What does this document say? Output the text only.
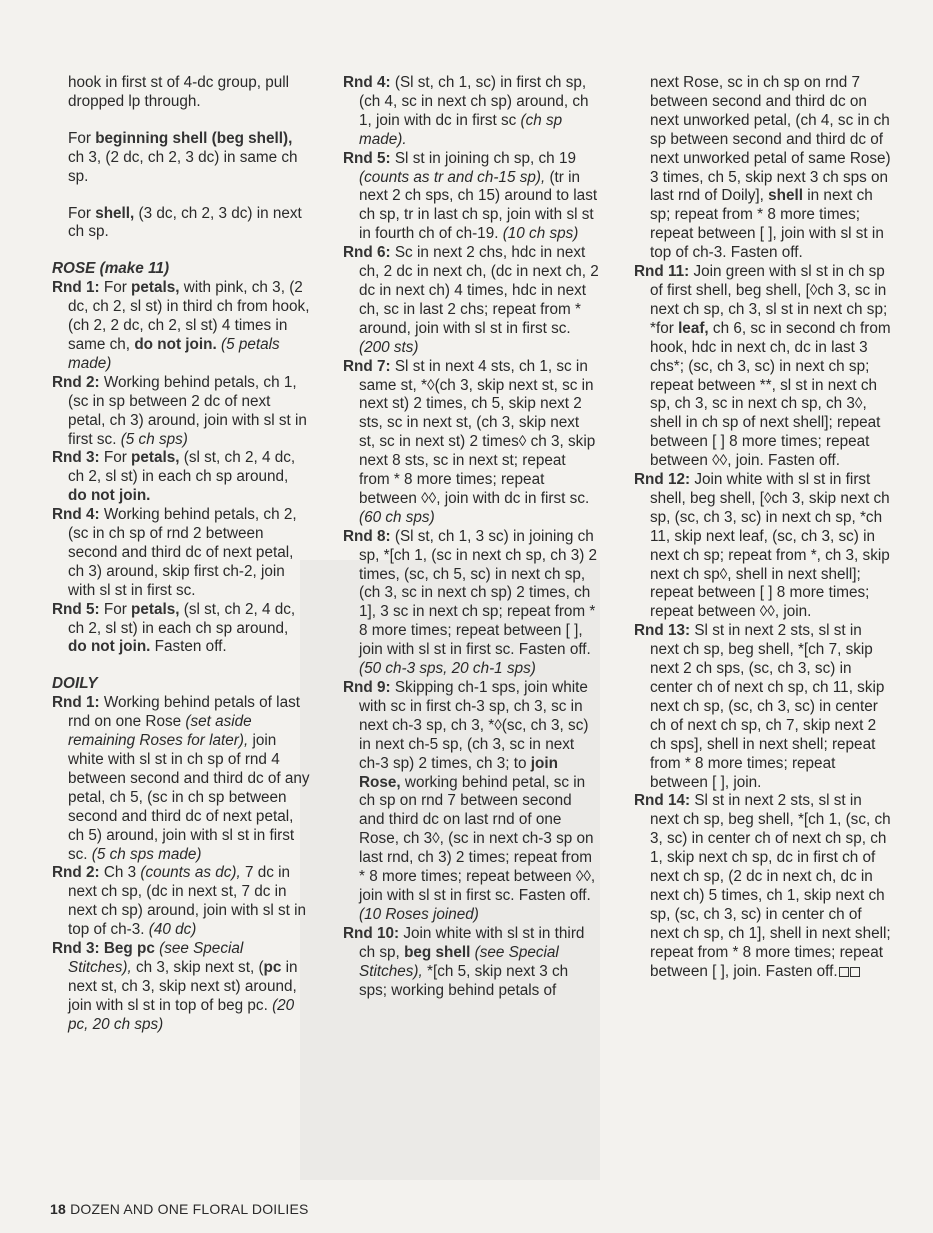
hook in first st of 4-dc group, pull dropped lp through.

For beginning shell (beg shell), ch 3, (2 dc, ch 2, 3 dc) in same ch sp.

For shell, (3 dc, ch 2, 3 dc) in next ch sp.

ROSE (make 11)

Rnd 1: For petals, with pink, ch 3, (2 dc, ch 2, sl st) in third ch from hook, (ch 2, 2 dc, ch 2, sl st) 4 times in same ch, do not join. (5 petals made)

Rnd 2: Working behind petals, ch 1, (sc in sp between 2 dc of next petal, ch 3) around, join with sl st in first sc. (5 ch sps)

Rnd 3: For petals, (sl st, ch 2, 4 dc, ch 2, sl st) in each ch sp around, do not join.

Rnd 4: Working behind petals, ch 2, (sc in ch sp of rnd 2 between second and third dc of next petal, ch 3) around, skip first ch-2, join with sl st in first sc.

Rnd 5: For petals, (sl st, ch 2, 4 dc, ch 2, sl st) in each ch sp around, do not join. Fasten off.

DOILY

Rnd 1: Working behind petals of last rnd on one Rose (set aside remaining Roses for later), join white with sl st in ch sp of rnd 4 between second and third dc of any petal, ch 5, (sc in ch sp between second and third dc of next petal, ch 5) around, join with sl st in first sc. (5 ch sps made)

Rnd 2: Ch 3 (counts as dc), 7 dc in next ch sp, (dc in next st, 7 dc in next ch sp) around, join with sl st in top of ch-3. (40 dc)

Rnd 3: Beg pc (see Special Stitches), ch 3, skip next st, (pc in next st, ch 3, skip next st) around, join with sl st in top of beg pc. (20 pc, 20 ch sps)

Rnd 4: (Sl st, ch 1, sc) in first ch sp, (ch 4, sc in next ch sp) around, ch 1, join with dc in first sc (ch sp made).

Rnd 5: Sl st in joining ch sp, ch 19 (counts as tr and ch-15 sp), (tr in next 2 ch sps, ch 15) around to last ch sp, tr in last ch sp, join with sl st in fourth ch of ch-19. (10 ch sps)

Rnd 6: Sc in next 2 chs, hdc in next ch, 2 dc in next ch, (dc in next ch, 2 dc in next ch) 4 times, hdc in next ch, sc in last 2 chs; repeat from * around, join with sl st in first sc. (200 sts)

Rnd 7: Sl st in next 4 sts, ch 1, sc in same st, *◊(ch 3, skip next st, sc in next st) 2 times, ch 5, skip next 2 sts, sc in next st, (ch 3, skip next st, sc in next st) 2 times◊ ch 3, skip next 8 sts, sc in next st; repeat from * 8 more times; repeat between ◊◊, join with dc in first sc. (60 ch sps)

Rnd 8: (Sl st, ch 1, 3 sc) in joining ch sp, *[ch 1, (sc in next ch sp, ch 3) 2 times, (sc, ch 5, sc) in next ch sp, (ch 3, sc in next ch sp) 2 times, ch 1], 3 sc in next ch sp; repeat from * 8 more times; repeat between [ ], join with sl st in first sc. Fasten off. (50 ch-3 sps, 20 ch-1 sps)

Rnd 9: Skipping ch-1 sps, join white with sc in first ch-3 sp, ch 3, sc in next ch-3 sp, ch 3, *◊(sc, ch 3, sc) in next ch-5 sp, (ch 3, sc in next ch-3 sp) 2 times, ch 3; to join Rose, working behind petal, sc in ch sp on rnd 7 between second and third dc on last rnd of one Rose, ch 3◊, (sc in next ch-3 sp on last rnd, ch 3) 2 times; repeat from * 8 more times; repeat between ◊◊, join with sl st in first sc. Fasten off. (10 Roses joined)

Rnd 10: Join white with sl st in third ch sp, beg shell (see Special Stitches), *[ch 5, skip next 3 ch sps; working behind petals of

next Rose, sc in ch sp on rnd 7 between second and third dc on next unworked petal, (ch 4, sc in ch sp between second and third dc of next unworked petal of same Rose) 3 times, ch 5, skip next 3 ch sps on last rnd of Doily], shell in next ch sp; repeat from * 8 more times; repeat between [ ], join with sl st in top of ch-3. Fasten off.

Rnd 11: Join green with sl st in ch sp of first shell, beg shell, [◊ch 3, sc in next ch sp, ch 3, sl st in next ch sp; *for leaf, ch 6, sc in second ch from hook, hdc in next ch, dc in last 3 chs*; (sc, ch 3, sc) in next ch sp; repeat between **, sl st in next ch sp, ch 3, sc in next ch sp, ch 3◊, shell in ch sp of next shell]; repeat between [ ] 8 more times; repeat between ◊◊, join. Fasten off.

Rnd 12: Join white with sl st in first shell, beg shell, [◊ch 3, skip next ch sp, (sc, ch 3, sc) in next ch sp, *ch 11, skip next leaf, (sc, ch 3, sc) in next ch sp; repeat from *, ch 3, skip next ch sp◊, shell in next shell]; repeat between [ ] 8 more times; repeat between ◊◊, join.

Rnd 13: Sl st in next 2 sts, sl st in next ch sp, beg shell, *[ch 7, skip next 2 ch sps, (sc, ch 3, sc) in center ch of next ch sp, ch 11, skip next ch sp, (sc, ch 3, sc) in center ch of next ch sp, ch 7, skip next 2 ch sps], shell in next shell; repeat from * 8 more times; repeat between [ ], join.

Rnd 14: Sl st in next 2 sts, sl st in next ch sp, beg shell, *[ch 1, (sc, ch 3, sc) in center ch of next ch sp, ch 1, skip next ch sp, dc in first ch of next ch sp, (2 dc in next ch, dc in next ch) 5 times, ch 1, skip next ch sp, (sc, ch 3, sc) in center ch of next ch sp, ch 1], shell in next shell; repeat from * 8 more times; repeat between [ ], join. Fasten off.

18 DOZEN AND ONE FLORAL DOILIES
